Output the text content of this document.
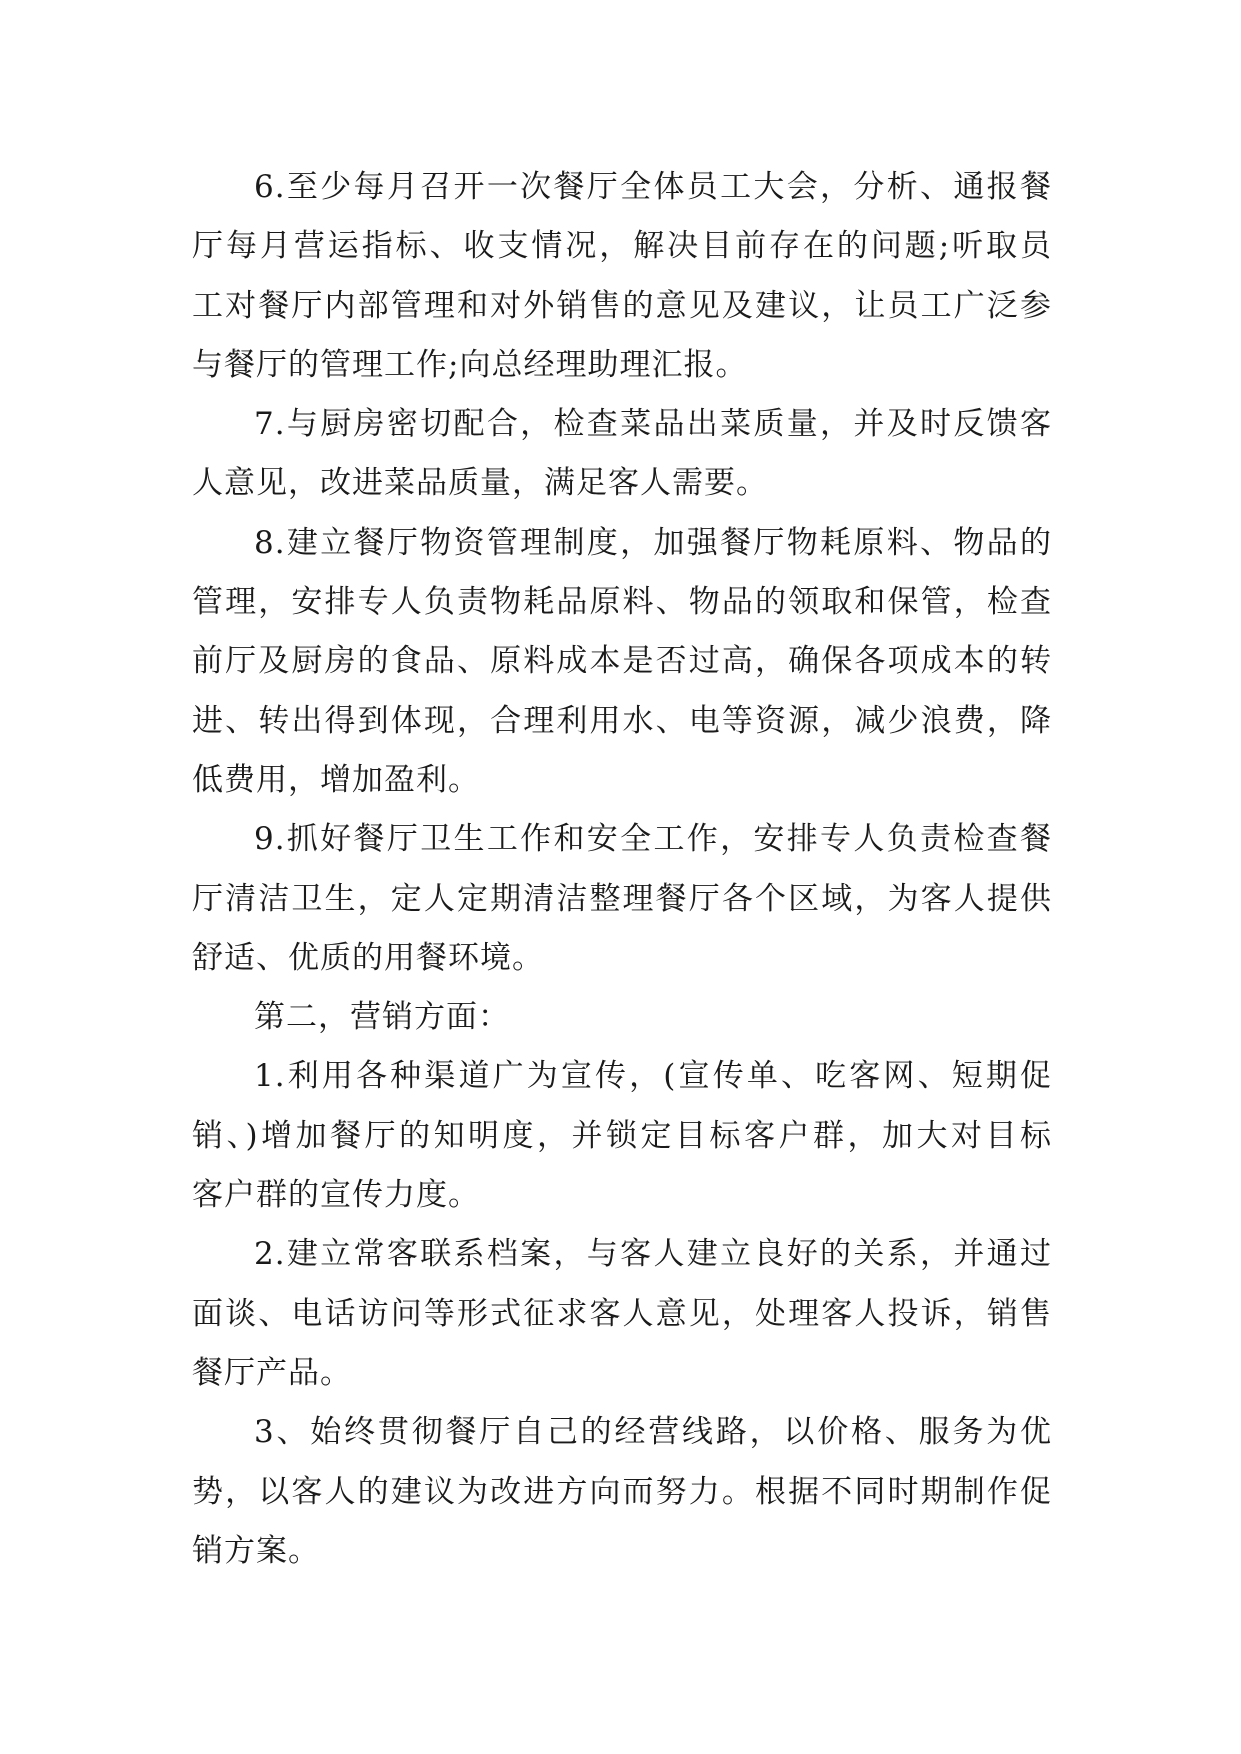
6.至少每月召开一次餐厅全体员工大会，分析、通报餐
厅每月营运指标、收支情况，解决目前存在的问题;听取员
工对餐厅内部管理和对外销售的意见及建议，让员工广泛参
与餐厅的管理工作;向总经理助理汇报。
7.与厨房密切配合，检查菜品出菜质量，并及时反馈客
人意见，改进菜品质量，满足客人需要。
8.建立餐厅物资管理制度，加强餐厅物耗原料、物品的
管理，安排专人负责物耗品原料、物品的领取和保管，检查
前厅及厨房的食品、原料成本是否过高，确保各项成本的转
进、转出得到体现，合理利用水、电等资源，减少浪费，降
低费用，增加盈利。
9.抓好餐厅卫生工作和安全工作，安排专人负责检查餐
厅清洁卫生，定人定期清洁整理餐厅各个区域，为客人提供
舒适、优质的用餐环境。
第二，营销方面：
1.利用各种渠道广为宣传，(宣传单、吃客网、短期促
销、)增加餐厅的知明度，并锁定目标客户群，加大对目标
客户群的宣传力度。
2.建立常客联系档案，与客人建立良好的关系，并通过
面谈、电话访问等形式征求客人意见，处理客人投诉，销售
餐厅产品。
3、始终贯彻餐厅自己的经营线路，以价格、服务为优
势，以客人的建议为改进方向而努力。根据不同时期制作促
销方案。
